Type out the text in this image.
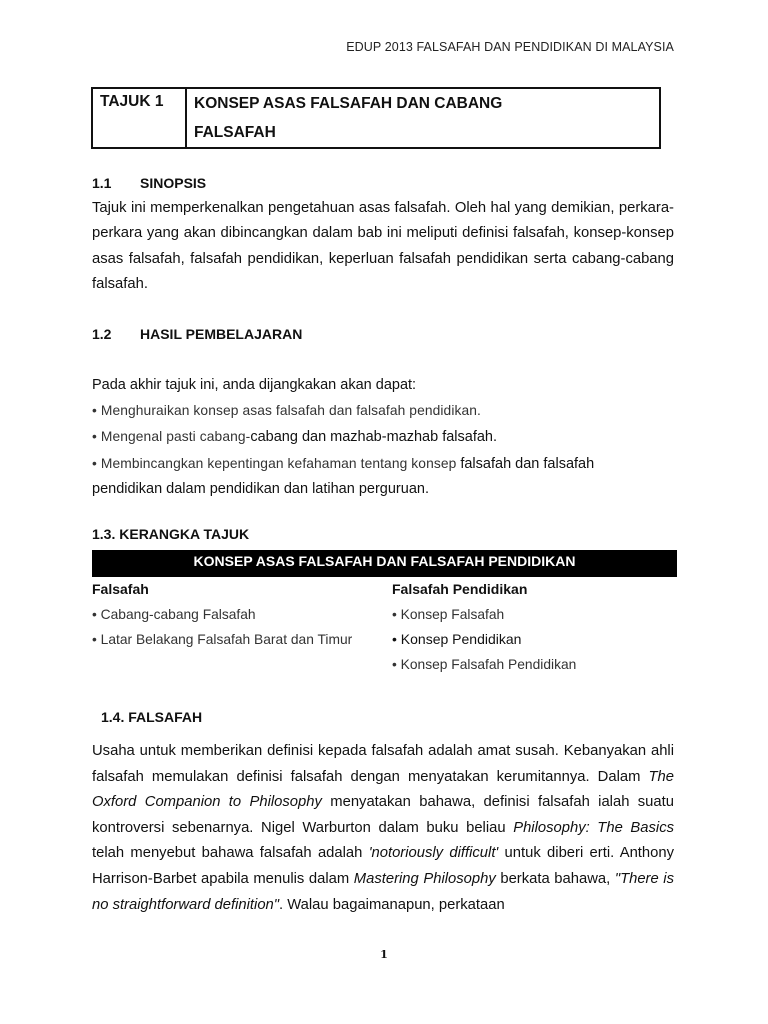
EDUP 2013 FALSAFAH DAN PENDIDIKAN DI MALAYSIA
TAJUK 1	KONSEP ASAS FALSAFAH DAN CABANG
FALSAFAH
1.1 SINOPSIS
Tajuk ini memperkenalkan pengetahuan asas falsafah. Oleh hal yang demikian, perkara-perkara yang akan dibincangkan dalam bab ini meliputi definisi falsafah, konsep-konsep asas falsafah, falsafah pendidikan, keperluan falsafah pendidikan serta cabang-cabang falsafah.
1.2 HASIL PEMBELAJARAN
Pada akhir tajuk ini, anda dijangkakan akan dapat:
• Menghuraikan konsep asas falsafah dan falsafah pendidikan.
• Mengenal pasti cabang-cabang dan mazhab-mazhab falsafah.
• Membincangkan kepentingan kefahaman tentang konsep falsafah dan falsafah
pendidikan dalam pendidikan dan latihan perguruan.
1.3. KERANGKA TAJUK
KONSEP ASAS FALSAFAH DAN FALSAFAH PENDIDIKAN
Falsafah
• Cabang-cabang Falsafah
• Latar Belakang Falsafah Barat dan Timur
Falsafah Pendidikan
• Konsep Falsafah
• Konsep Pendidikan
• Konsep Falsafah Pendidikan
1.4. FALSAFAH
Usaha untuk memberikan definisi kepada falsafah adalah amat susah. Kebanyakan ahli falsafah memulakan definisi falsafah dengan menyatakan kerumitannya. Dalam The Oxford Companion to Philosophy menyatakan bahawa, definisi falsafah ialah suatu kontroversi sebenarnya. Nigel Warburton dalam buku beliau Philosophy: The Basics telah menyebut bahawa falsafah adalah 'notoriously difficult' untuk diberi erti. Anthony Harrison-Barbet apabila menulis dalam Mastering Philosophy berkata bahawa, "There is no straightforward definition". Walau bagaimanapun, perkataan
1
